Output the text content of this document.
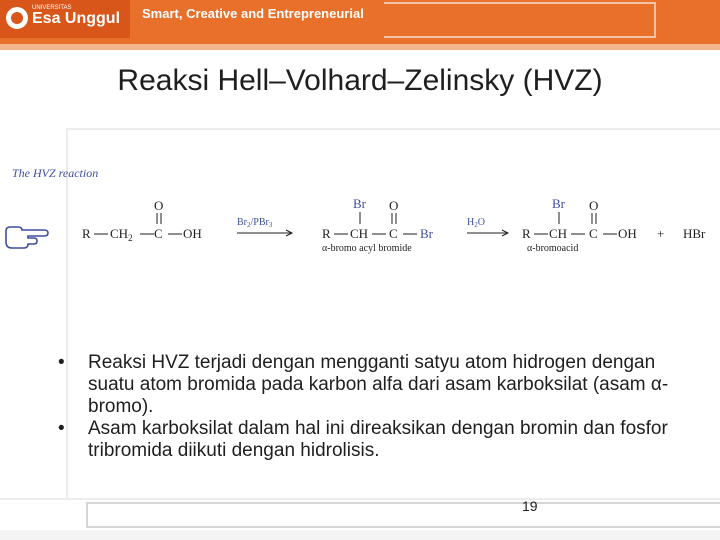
UNIVERSITAS
Esa Unggul Smart, Creative and Entrepreneurial
Reaksi Hell–Volhard–Zelinsky (HVZ)
The HVZ reaction
R $CH_2$ C
O
OH
$Br_2/PBr_3$
R CH
Br
C
O
Br
α-bromo acyl bromide
$H_2O$
R CH
Br
C
O
OH
α-bromoacid
+ HBr
• Reaksi HVZ terjadi dengan mengganti satyu atom hidrogen dengan suatu atom bromida pada karbon alfa dari asam karboksilat (asam α-bromo).
• Asam karboksilat dalam hal ini direaksikan dengan bromin dan fosfor tribromida diikuti dengan hidrolisis.
19
